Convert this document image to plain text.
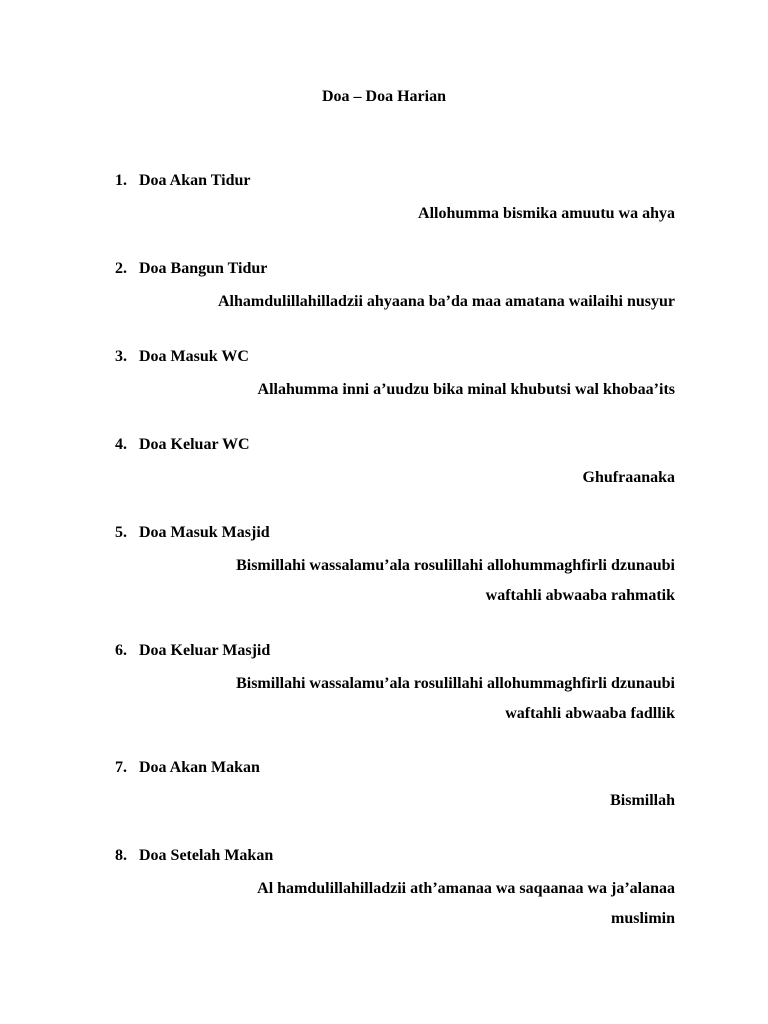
Doa – Doa Harian
1. Doa Akan Tidur
Allohumma bismika amuutu wa ahya
2. Doa Bangun Tidur
Alhamdulillahilladzii ahyaana ba’da maa amatana wailaihi nusyur
3. Doa Masuk WC
Allahumma inni a’uudzu bika minal khubutsi wal khobaa’its
4. Doa Keluar WC
Ghufraanaka
5. Doa Masuk Masjid
Bismillahi wassalamu’ala rosulillahi allohummaghfirli dzunaubi
waftahli abwaaba rahmatik
6. Doa Keluar Masjid
Bismillahi wassalamu’ala rosulillahi allohummaghfirli dzunaubi
waftahli abwaaba fadllik
7. Doa Akan Makan
Bismillah
8. Doa Setelah Makan
Al hamdulillahilladzii ath’amanaa wa saqaanaa wa ja’alanaa
muslimin
